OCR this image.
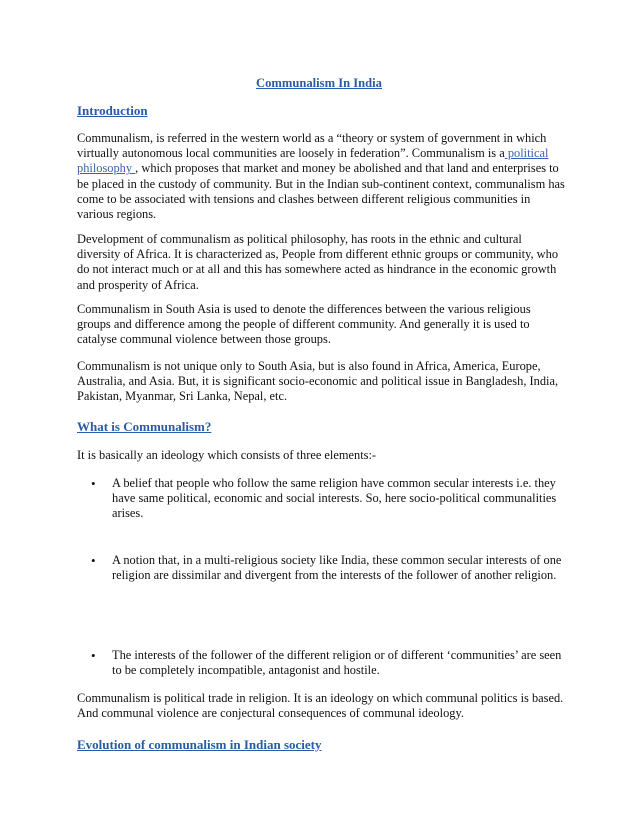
Communalism In India
Introduction

Communalism, is referred in the western world as a “theory or system of government in which virtually autonomous local communities are loosely in federation”. Communalism is a political philosophy , which proposes that market and money be abolished and that land and enterprises to be placed in the custody of community. But in the Indian sub-continent context, communalism has come to be associated with tensions and clashes between different religious communities in various regions.

Development of communalism as political philosophy, has roots in the ethnic and cultural diversity of Africa. It is characterized as, People from different ethnic groups or community, who do not interact much or at all and this has somewhere acted as hindrance in the economic growth and prosperity of Africa.

Communalism in South Asia is used to denote the differences between the various religious groups and difference among the people of different community. And generally it is used to catalyse communal violence between those groups.

Communalism is not unique only to South Asia, but is also found in Africa, America, Europe, Australia, and Asia. But, it is significant socio-economic and political issue in Bangladesh, India, Pakistan, Myanmar, Sri Lanka, Nepal, etc.

What is Communalism?

It is basically an ideology which consists of three elements:-

• A belief that people who follow the same religion have common secular interests i.e. they have same political, economic and social interests. So, here socio-political communalities arises.
• A notion that, in a multi-religious society like India, these common secular interests of one religion are dissimilar and divergent from the interests of the follower of another religion.
• The interests of the follower of the different religion or of different ‘communities’ are seen to be completely incompatible, antagonist and hostile.

Communalism is political trade in religion. It is an ideology on which communal politics is based. And communal violence are conjectural consequences of communal ideology.

Evolution of communalism in Indian society
